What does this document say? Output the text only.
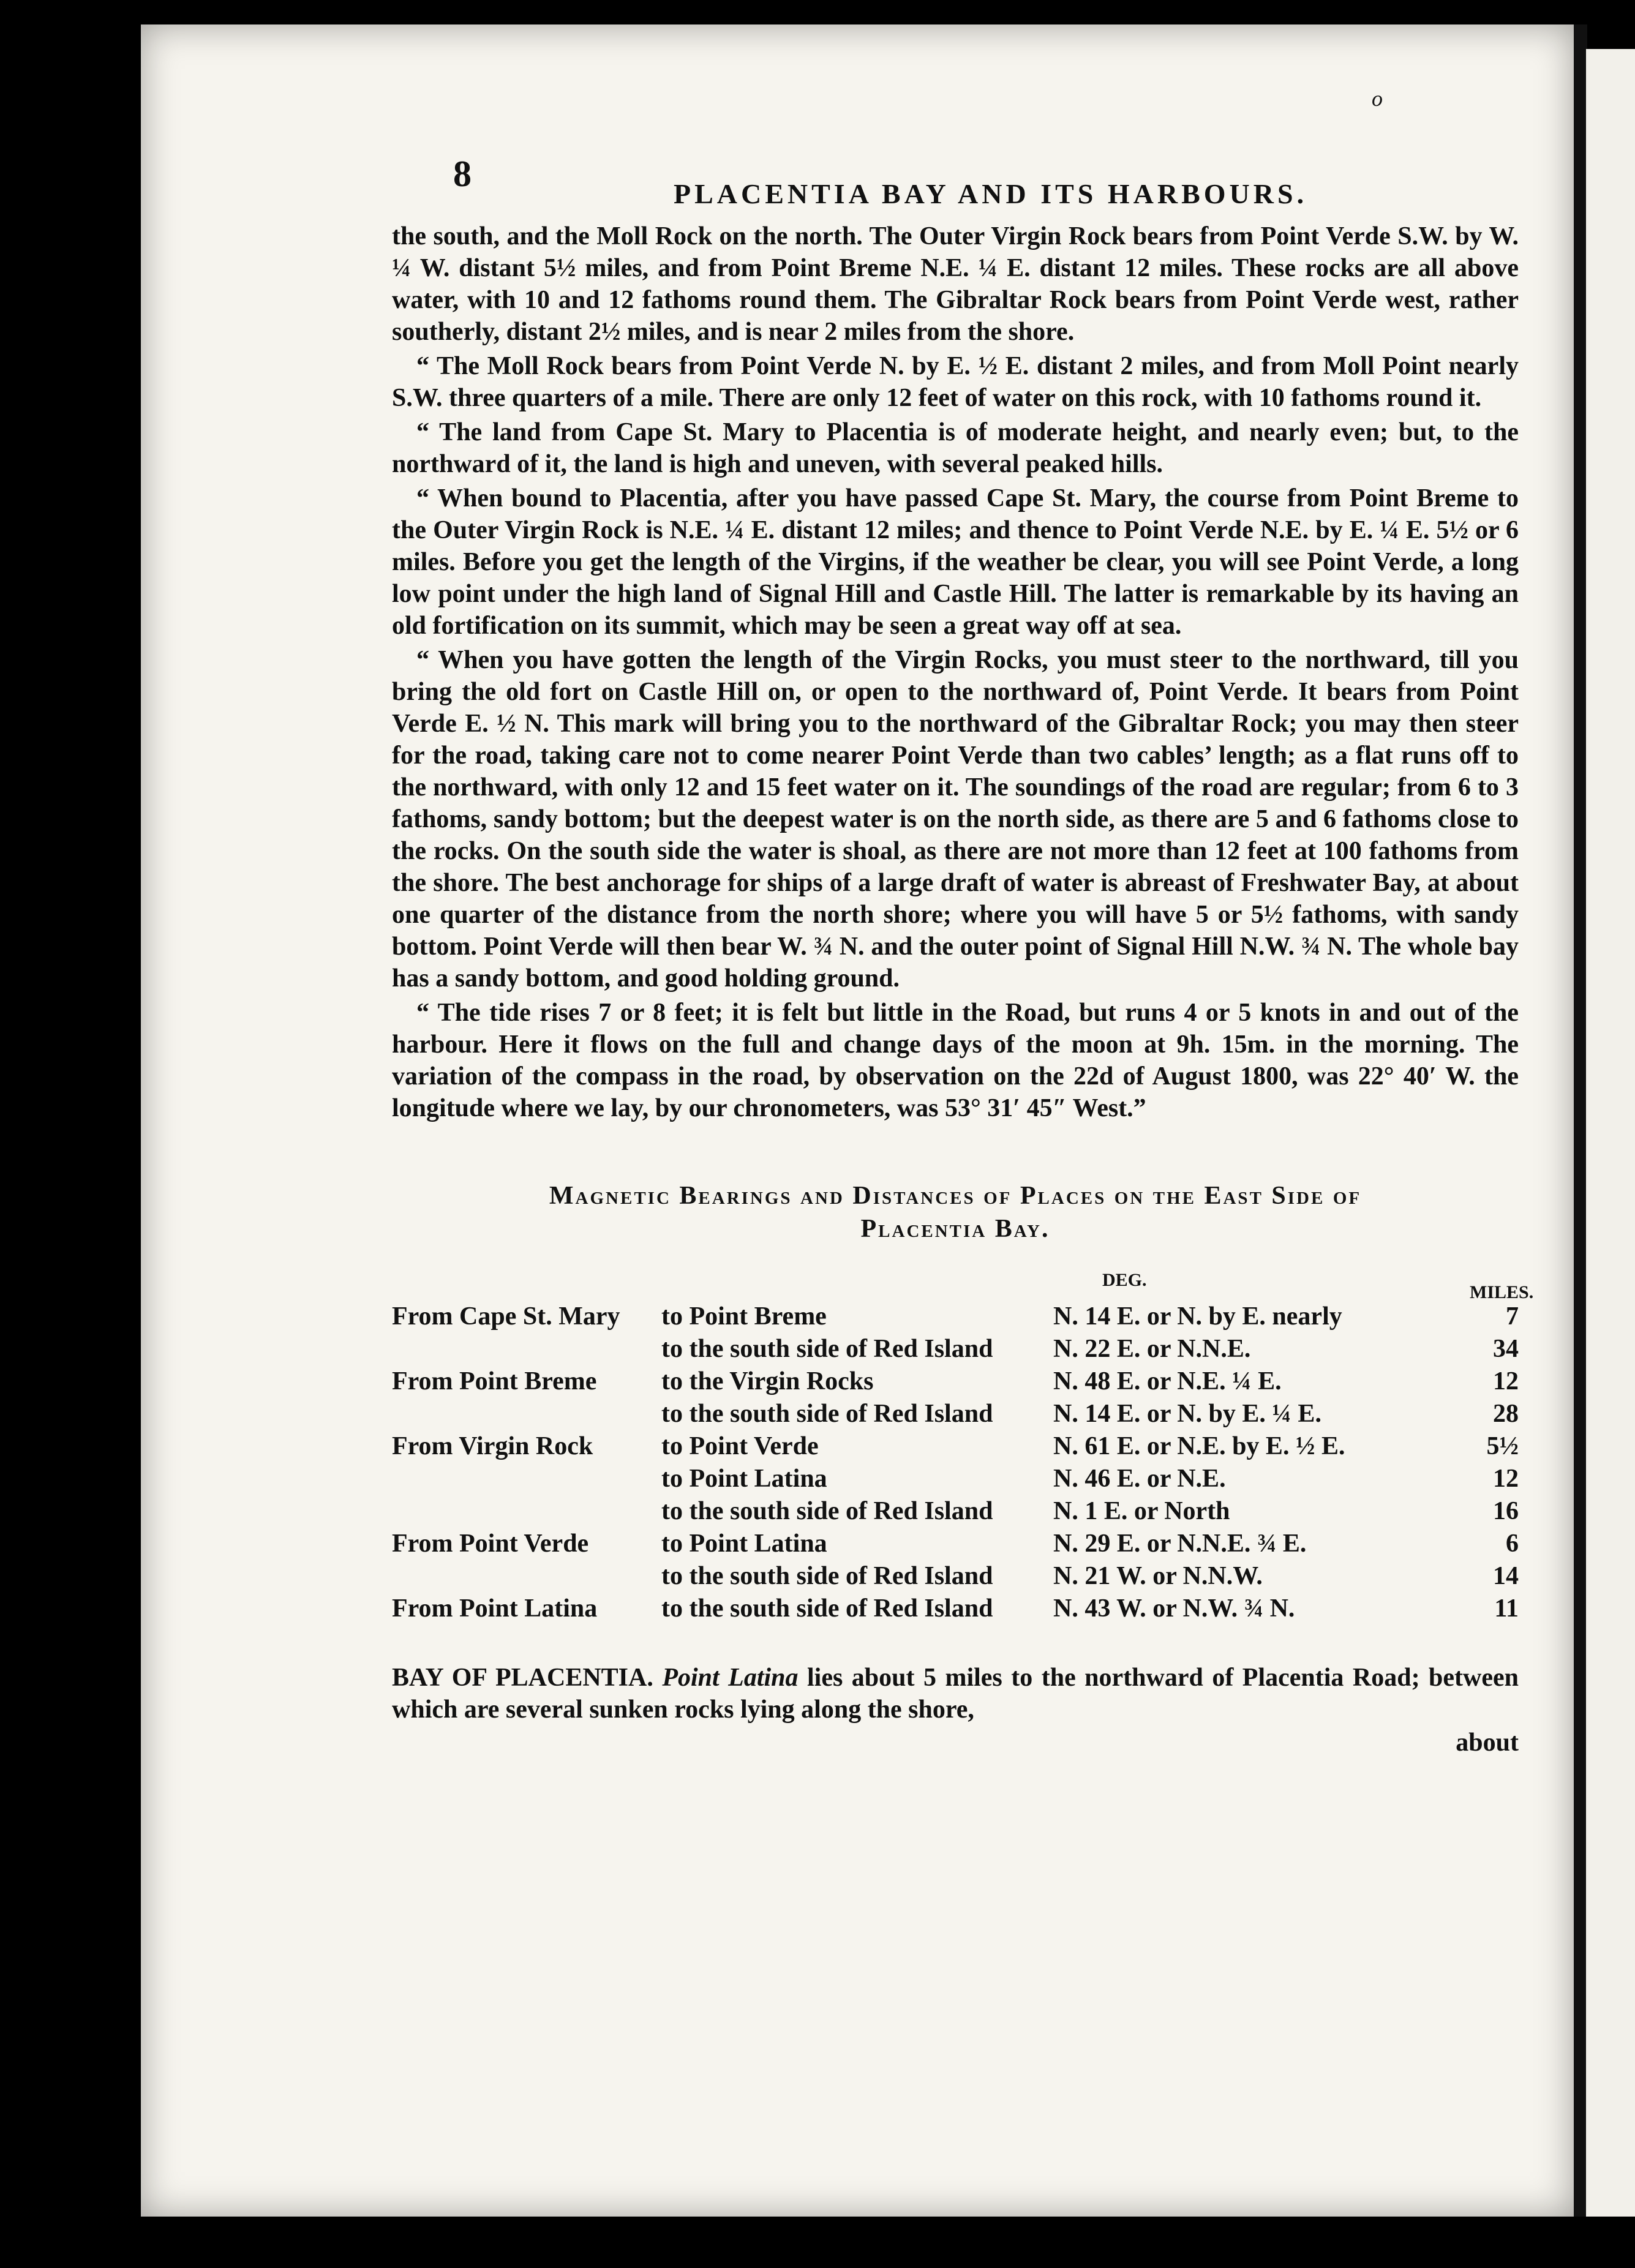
o
8	PLACENTIA BAY AND ITS HARBOURS.

the south, and the Moll Rock on the north. The Outer Virgin Rock bears from Point Verde S.W. by W. ¼ W. distant 5½ miles, and from Point Breme N.E. ¼ E. distant 12 miles. These rocks are all above water, with 10 and 12 fathoms round them. The Gibraltar Rock bears from Point Verde west, rather southerly, distant 2½ miles, and is near 2 miles from the shore.

“ The Moll Rock bears from Point Verde N. by E. ½ E. distant 2 miles, and from Moll Point nearly S.W. three quarters of a mile. There are only 12 feet of water on this rock, with 10 fathoms round it.

“ The land from Cape St. Mary to Placentia is of moderate height, and nearly even; but, to the northward of it, the land is high and uneven, with several peaked hills.

“ When bound to Placentia, after you have passed Cape St. Mary, the course from Point Breme to the Outer Virgin Rock is N.E. ¼ E. distant 12 miles; and thence to Point Verde N.E. by E. ¼ E. 5½ or 6 miles. Before you get the length of the Virgins, if the weather be clear, you will see Point Verde, a long low point under the high land of Signal Hill and Castle Hill. The latter is remarkable by its having an old fortification on its summit, which may be seen a great way off at sea.

“ When you have gotten the length of the Virgin Rocks, you must steer to the northward, till you bring the old fort on Castle Hill on, or open to the northward of, Point Verde. It bears from Point Verde E. ½ N. This mark will bring you to the northward of the Gibraltar Rock; you may then steer for the road, taking care not to come nearer Point Verde than two cables’ length; as a flat runs off to the northward, with only 12 and 15 feet water on it. The soundings of the road are regular; from 6 to 3 fathoms, sandy bottom; but the deepest water is on the north side, as there are 5 and 6 fathoms close to the rocks. On the south side the water is shoal, as there are not more than 12 feet at 100 fathoms from the shore. The best anchorage for ships of a large draft of water is abreast of Freshwater Bay, at about one quarter of the distance from the north shore; where you will have 5 or 5½ fathoms, with sandy bottom. Point Verde will then bear W. ¾ N. and the outer point of Signal Hill N.W. ¾ N. The whole bay has a sandy bottom, and good holding ground.

“ The tide rises 7 or 8 feet; it is felt but little in the Road, but runs 4 or 5 knots in and out of the harbour. Here it flows on the full and change days of the moon at 9h. 15m. in the morning. The variation of the compass in the road, by observation on the 22d of August 1800, was 22° 40′ W. the longitude where we lay, by our chronometers, was 53° 31′ 45″ West.”

Magnetic Bearings and Distances of Places on the East Side of
Placentia Bay.
DEG.
MILES.
From Cape St. Mary	to Point Breme	N. 14 E. or N. by E. nearly	7
	to the south side of Red Island	N. 22 E. or N.N.E.	34
From Point Breme	to the Virgin Rocks	N. 48 E. or N.E. ¼ E.	12
	to the south side of Red Island	N. 14 E. or N. by E. ¼ E.	28
From Virgin Rock	to Point Verde	N. 61 E. or N.E. by E. ½ E.	5½
	to Point Latina	N. 46 E. or N.E.	12
	to the south side of Red Island	N. 1 E. or North	16
From Point Verde	to Point Latina	N. 29 E. or N.N.E. ¾ E.	6
	to the south side of Red Island	N. 21 W. or N.N.W.	14
From Point Latina	to the south side of Red Island	N. 43 W. or N.W. ¾ N.	11

BAY OF PLACENTIA. Point Latina lies about 5 miles to the northward of Placentia Road; between which are several sunken rocks lying along the shore,

about
